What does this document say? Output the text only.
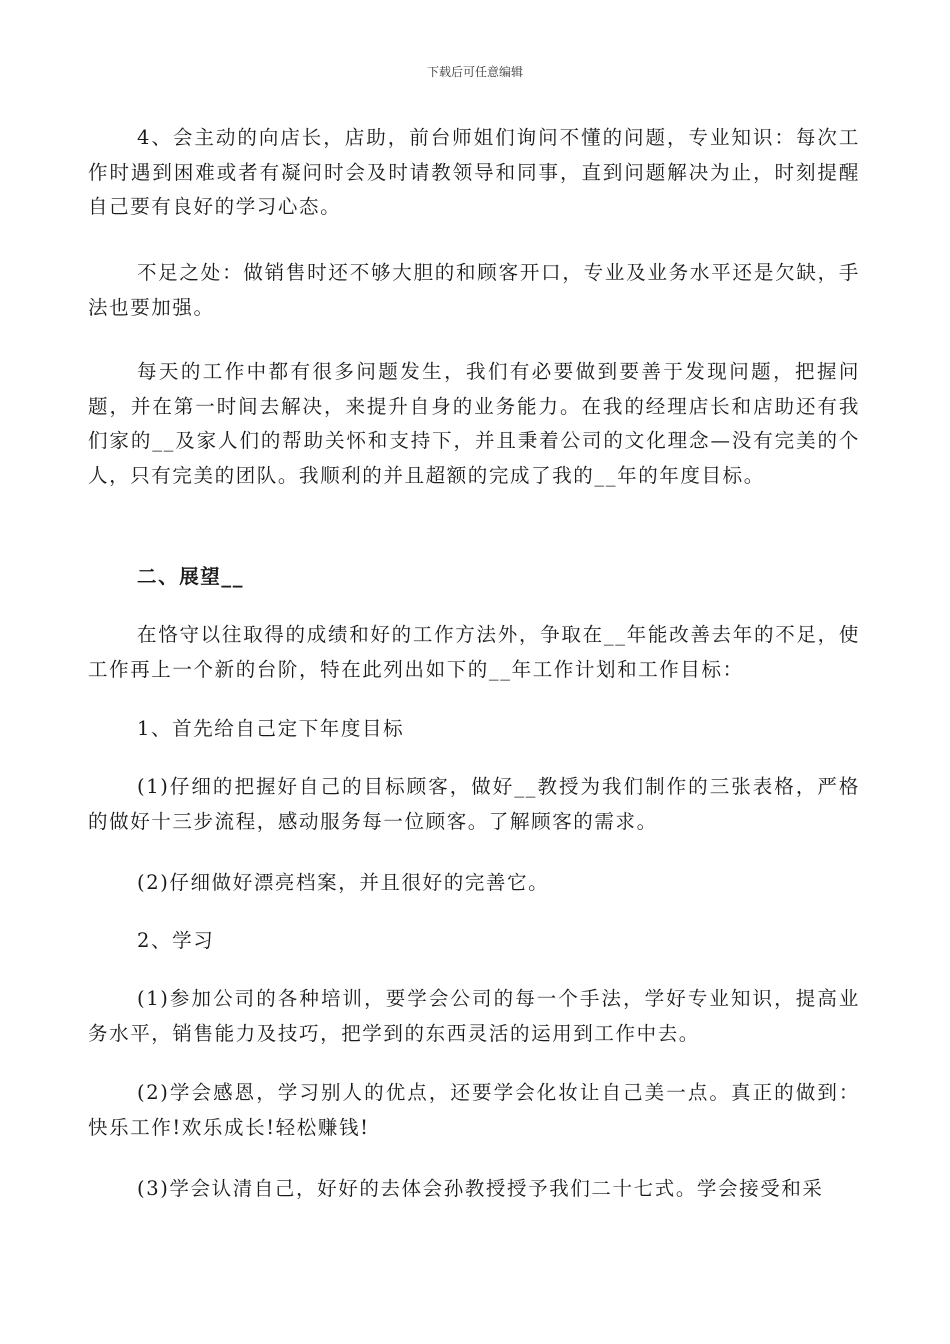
下载后可任意编辑

4、会主动的向店长，店助，前台师姐们询问不懂的问题，专业知识：每次工作时遇到困难或者有凝问时会及时请教领导和同事，直到问题解决为止，时刻提醒自己要有良好的学习心态。

不足之处：做销售时还不够大胆的和顾客开口，专业及业务水平还是欠缺，手法也要加强。

每天的工作中都有很多问题发生，我们有必要做到要善于发现问题，把握问题，并在第一时间去解决，来提升自身的业务能力。在我的经理店长和店助还有我们家的__及家人们的帮助关怀和支持下，并且秉着公司的文化理念—没有完美的个人，只有完美的团队。我顺利的并且超额的完成了我的__年的年度目标。

二、展望__

在恪守以往取得的成绩和好的工作方法外，争取在__年能改善去年的不足，使工作再上一个新的台阶，特在此列出如下的__年工作计划和工作目标：

1、首先给自己定下年度目标

(1)仔细的把握好自己的目标顾客，做好__教授为我们制作的三张表格，严格的做好十三步流程，感动服务每一位顾客。了解顾客的需求。

(2)仔细做好漂亮档案，并且很好的完善它。

2、学习

(1)参加公司的各种培训，要学会公司的每一个手法，学好专业知识，提高业务水平，销售能力及技巧，把学到的东西灵活的运用到工作中去。

(2)学会感恩，学习别人的优点，还要学会化妆让自己美一点。真正的做到：快乐工作!欢乐成长!轻松赚钱!

(3)学会认清自己，好好的去体会孙教授授予我们二十七式。学会接受和采
